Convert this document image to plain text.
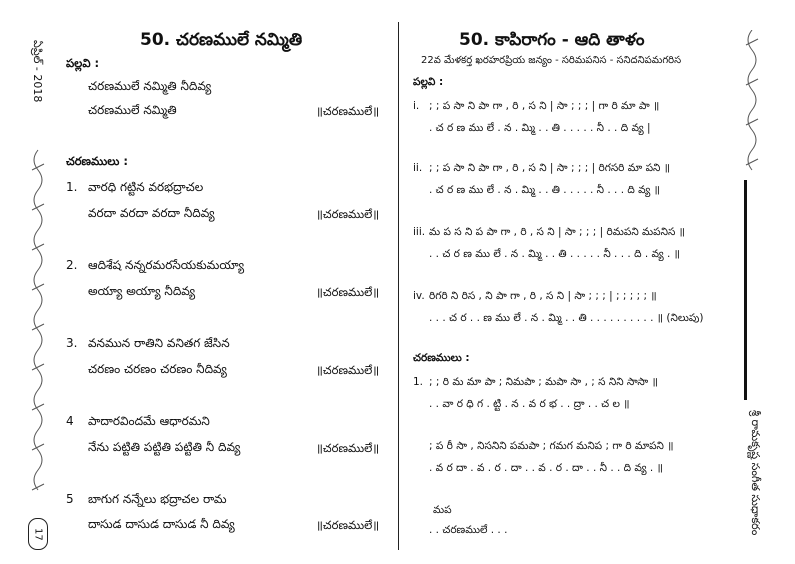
ఏప్రిల్ - 2018
17
50. చరణములే నమ్మితి
పల్లవి :
చరణములే నమ్మితి నీదివ్య
చరణములే నమ్మితి	॥చరణములే॥
చరణములు :
1. వారధి గట్టిన వరభద్రాచల
వరదా వరదా వరదా నీదివ్య	॥చరణములే॥
2. ఆదిశేష నన్నరమరసేయకుమయ్యా
అయ్యా అయ్యా నీదివ్య	॥చరణములే॥
3. వనమున రాతిని వనితగ జేసిన
చరణం చరణం చరణం నీదివ్య	॥చరణములే॥
4 పాదారవిందమే ఆధారమని
నేను పట్టితి పట్టితి పట్టితి నీ దివ్య	॥చరణములే॥
5 బాగుగ నన్నేలు భద్రాచల రామ
దాసుడ దాసుడ దాసుడ నీ దివ్య	॥చరణములే॥
50. కాపిరాగం - ఆది తాళం
22వ మేళకర్త ఖరహరప్రియ జన్యం - సరిమపనిస - సనిదనిపమగరిస
పల్లవి :
i. ; ; ప సా ని పా గా , రి , స ని | సా ; ; ; | గా రి మా పా ॥
. చ ర ణ ము లే . న . మ్మి . . తి . . . . . నీ . . ది వ్య |
ii. ; ; ప సా ని పా గా , రి , స ని | సా ; ; ; | రిగసరి మా పని ॥
. చ ర ణ ము లే . న . మ్మి . . తి . . . . . నీ . . . ది వ్య ॥
iii. మ ప స ని ప పా గా , రి , స ని | సా ; ; ; | రిమపని మపనిస ॥
. . చ ర ణ ము లే . న . మ్మి . . తి . . . . . నీ . . . ది . వ్య . ॥
iv. రిగరి ని రిస , ని పా గా , రి , స ని | సా ; ; ; | ; ; ; ; ; ॥
. . . చ ర . . ణ ము లే . న . మ్మి . . తి . . . . . . . . . . ॥ (నిలుపు)
చరణములు :
1. ; ; రి మ మా పా ; నిమపా ; మపా సా , ; స నిని సాసా ॥
. . వా ర ధి గ . ట్టి . న . వ ర భ . . ద్రా . . చ ల ॥
; ప రీ సా , నిసనిని పమపా ; గమగ మనిప ; గా రి మాపని ॥
. వ ర దా . వ . ర . దా . . వ . ర . దా . . నీ . . ది వ్య . ॥
మప
. . చరణములే . . .	శ్రీ రామకృష్ణ సంగీత సుధాకరం
